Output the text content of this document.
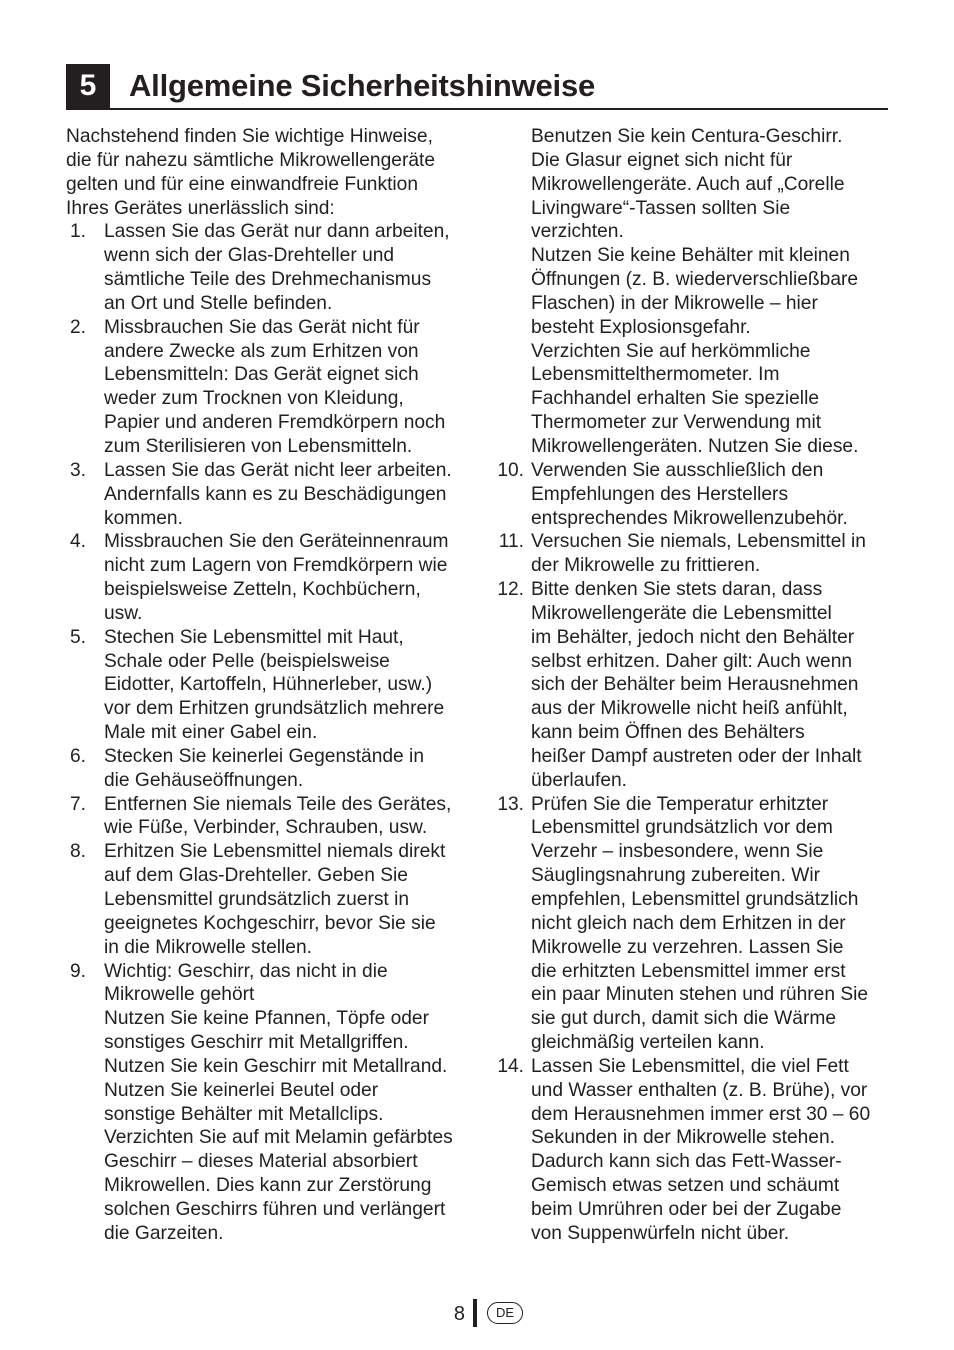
5	Allgemeine Sicherheitshinweise

Nachstehend finden Sie wichtige Hinweise,
die für nahezu sämtliche Mikrowellengeräte
gelten und für eine einwandfreie Funktion
Ihres Gerätes unerlässlich sind:

1. Lassen Sie das Gerät nur dann arbeiten,
wenn sich der Glas-Drehteller und
sämtliche Teile des Drehmechanismus
an Ort und Stelle befinden.
2. Missbrauchen Sie das Gerät nicht für
andere Zwecke als zum Erhitzen von
Lebensmitteln: Das Gerät eignet sich
weder zum Trocknen von Kleidung,
Papier und anderen Fremdkörpern noch
zum Sterilisieren von Lebensmitteln.
3. Lassen Sie das Gerät nicht leer arbeiten.
Andernfalls kann es zu Beschädigungen
kommen.
4. Missbrauchen Sie den Geräteinnenraum
nicht zum Lagern von Fremdkörpern wie
beispielsweise Zetteln, Kochbüchern,
usw.
5. Stechen Sie Lebensmittel mit Haut,
Schale oder Pelle (beispielsweise
Eidotter, Kartoffeln, Hühnerleber, usw.)
vor dem Erhitzen grundsätzlich mehrere
Male mit einer Gabel ein.
6. Stecken Sie keinerlei Gegenstände in
die Gehäuseöffnungen.
7. Entfernen Sie niemals Teile des Gerätes,
wie Füße, Verbinder, Schrauben, usw.
8. Erhitzen Sie Lebensmittel niemals direkt
auf dem Glas-Drehteller. Geben Sie
Lebensmittel grundsätzlich zuerst in
geeignetes Kochgeschirr, bevor Sie sie
in die Mikrowelle stellen.
9. Wichtig: Geschirr, das nicht in die
Mikrowelle gehört
Nutzen Sie keine Pfannen, Töpfe oder
sonstiges Geschirr mit Metallgriffen.
Nutzen Sie kein Geschirr mit Metallrand.
Nutzen Sie keinerlei Beutel oder
sonstige Behälter mit Metallclips.
Verzichten Sie auf mit Melamin gefärbtes
Geschirr – dieses Material absorbiert
Mikrowellen. Dies kann zur Zerstörung
solchen Geschirrs führen und verlängert
die Garzeiten.
Benutzen Sie kein Centura-Geschirr.
Die Glasur eignet sich nicht für
Mikrowellengeräte. Auch auf „Corelle
Livingware“-Tassen sollten Sie
verzichten.
Nutzen Sie keine Behälter mit kleinen
Öffnungen (z. B. wiederverschließbare
Flaschen) in der Mikrowelle – hier
besteht Explosionsgefahr.
Verzichten Sie auf herkömmliche
Lebensmittelthermometer. Im
Fachhandel erhalten Sie spezielle
Thermometer zur Verwendung mit
Mikrowellengeräten. Nutzen Sie diese.
10. Verwenden Sie ausschließlich den
Empfehlungen des Herstellers
entsprechendes Mikrowellenzubehör.
11. Versuchen Sie niemals, Lebensmittel in
der Mikrowelle zu frittieren.
12. Bitte denken Sie stets daran, dass
Mikrowellengeräte die Lebensmittel
im Behälter, jedoch nicht den Behälter
selbst erhitzen. Daher gilt: Auch wenn
sich der Behälter beim Herausnehmen
aus der Mikrowelle nicht heiß anfühlt,
kann beim Öffnen des Behälters
heißer Dampf austreten oder der Inhalt
überlaufen.
13. Prüfen Sie die Temperatur erhitzter
Lebensmittel grundsätzlich vor dem
Verzehr – insbesondere, wenn Sie
Säuglingsnahrung zubereiten. Wir
empfehlen, Lebensmittel grundsätzlich
nicht gleich nach dem Erhitzen in der
Mikrowelle zu verzehren. Lassen Sie
die erhitzten Lebensmittel immer erst
ein paar Minuten stehen und rühren Sie
sie gut durch, damit sich die Wärme
gleichmäßig verteilen kann.
14. Lassen Sie Lebensmittel, die viel Fett
und Wasser enthalten (z. B. Brühe), vor
dem Herausnehmen immer erst 30 – 60
Sekunden in der Mikrowelle stehen.
Dadurch kann sich das Fett-Wasser-
Gemisch etwas setzen und schäumt
beim Umrühren oder bei der Zugabe
von Suppenwürfeln nicht über.
8	DE
